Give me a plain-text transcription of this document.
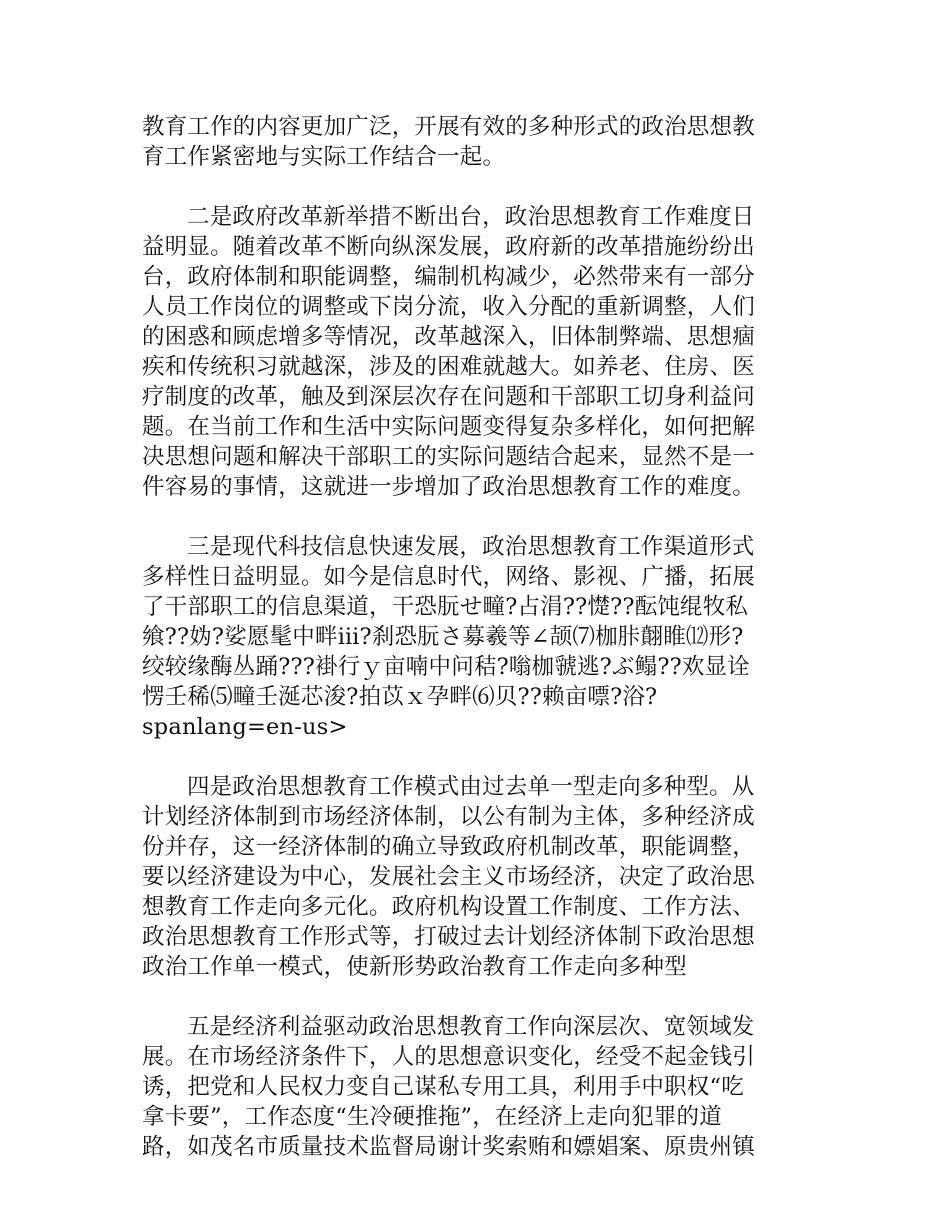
教育工作的内容更加广泛，开展有效的多种形式的政治思想教
育工作紧密地与实际工作结合一起。
二是政府改革新举措不断出台，政治思想教育工作难度日
益明显。随着改革不断向纵深发展，政府新的改革措施纷纷出
台，政府体制和职能调整，编制机构减少，必然带来有一部分
人员工作岗位的调整或下岗分流，收入分配的重新调整，人们
的困惑和顾虑增多等情况，改革越深入，旧体制弊端、思想痼
疾和传统积习就越深，涉及的困难就越大。如养老、住房、医
疗制度的改革，触及到深层次存在问题和干部职工切身利益问
题。在当前工作和生活中实际问题变得复杂多样化，如何把解
决思想问题和解决干部职工的实际问题结合起来，显然不是一
件容易的事情，这就进一步增加了政治思想教育工作的难度。
三是现代科技信息快速发展，政治思想教育工作渠道形式
多样性日益明显。如今是信息时代，网络、影视、广播，拓展
了干部职工的信息渠道，干恐朊せ疃?占涓??憷??酝饨绲牧私
飨??妫?娑愿髦中畔ⅲ?刹恐朊さ募羲等∠颉⑺枷胩翸睢⑿形?
绞较缘酶丛踊???褂行ｙ亩喃中问秸?嗡枷虢逃?ぶ鳎??欢显诠
愣壬稀⑸疃壬涎芯浚?拍苡ｘ孕畔⑹贝??赖亩嘌?浴?
spanlang=en-us>
四是政治思想教育工作模式由过去单一型走向多种型。从
计划经济体制到市场经济体制，以公有制为主体，多种经济成
份并存，这一经济体制的确立导致政府机制改革，职能调整，
要以经济建设为中心，发展社会主义市场经济，决定了政治思
想教育工作走向多元化。政府机构设置工作制度、工作方法、
政治思想教育工作形式等，打破过去计划经济体制下政治思想
政治工作单一模式，使新形势政治教育工作走向多种型
五是经济利益驱动政治思想教育工作向深层次、宽领域发
展。在市场经济条件下，人的思想意识变化，经受不起金钱引
诱，把党和人民权力变自己谋私专用工具，利用手中职权“吃
拿卡要”，工作态度“生冷硬推拖”，在经济上走向犯罪的道
路，如茂名市质量技术监督局谢计奖索贿和嫖娼案、原贵州镇
